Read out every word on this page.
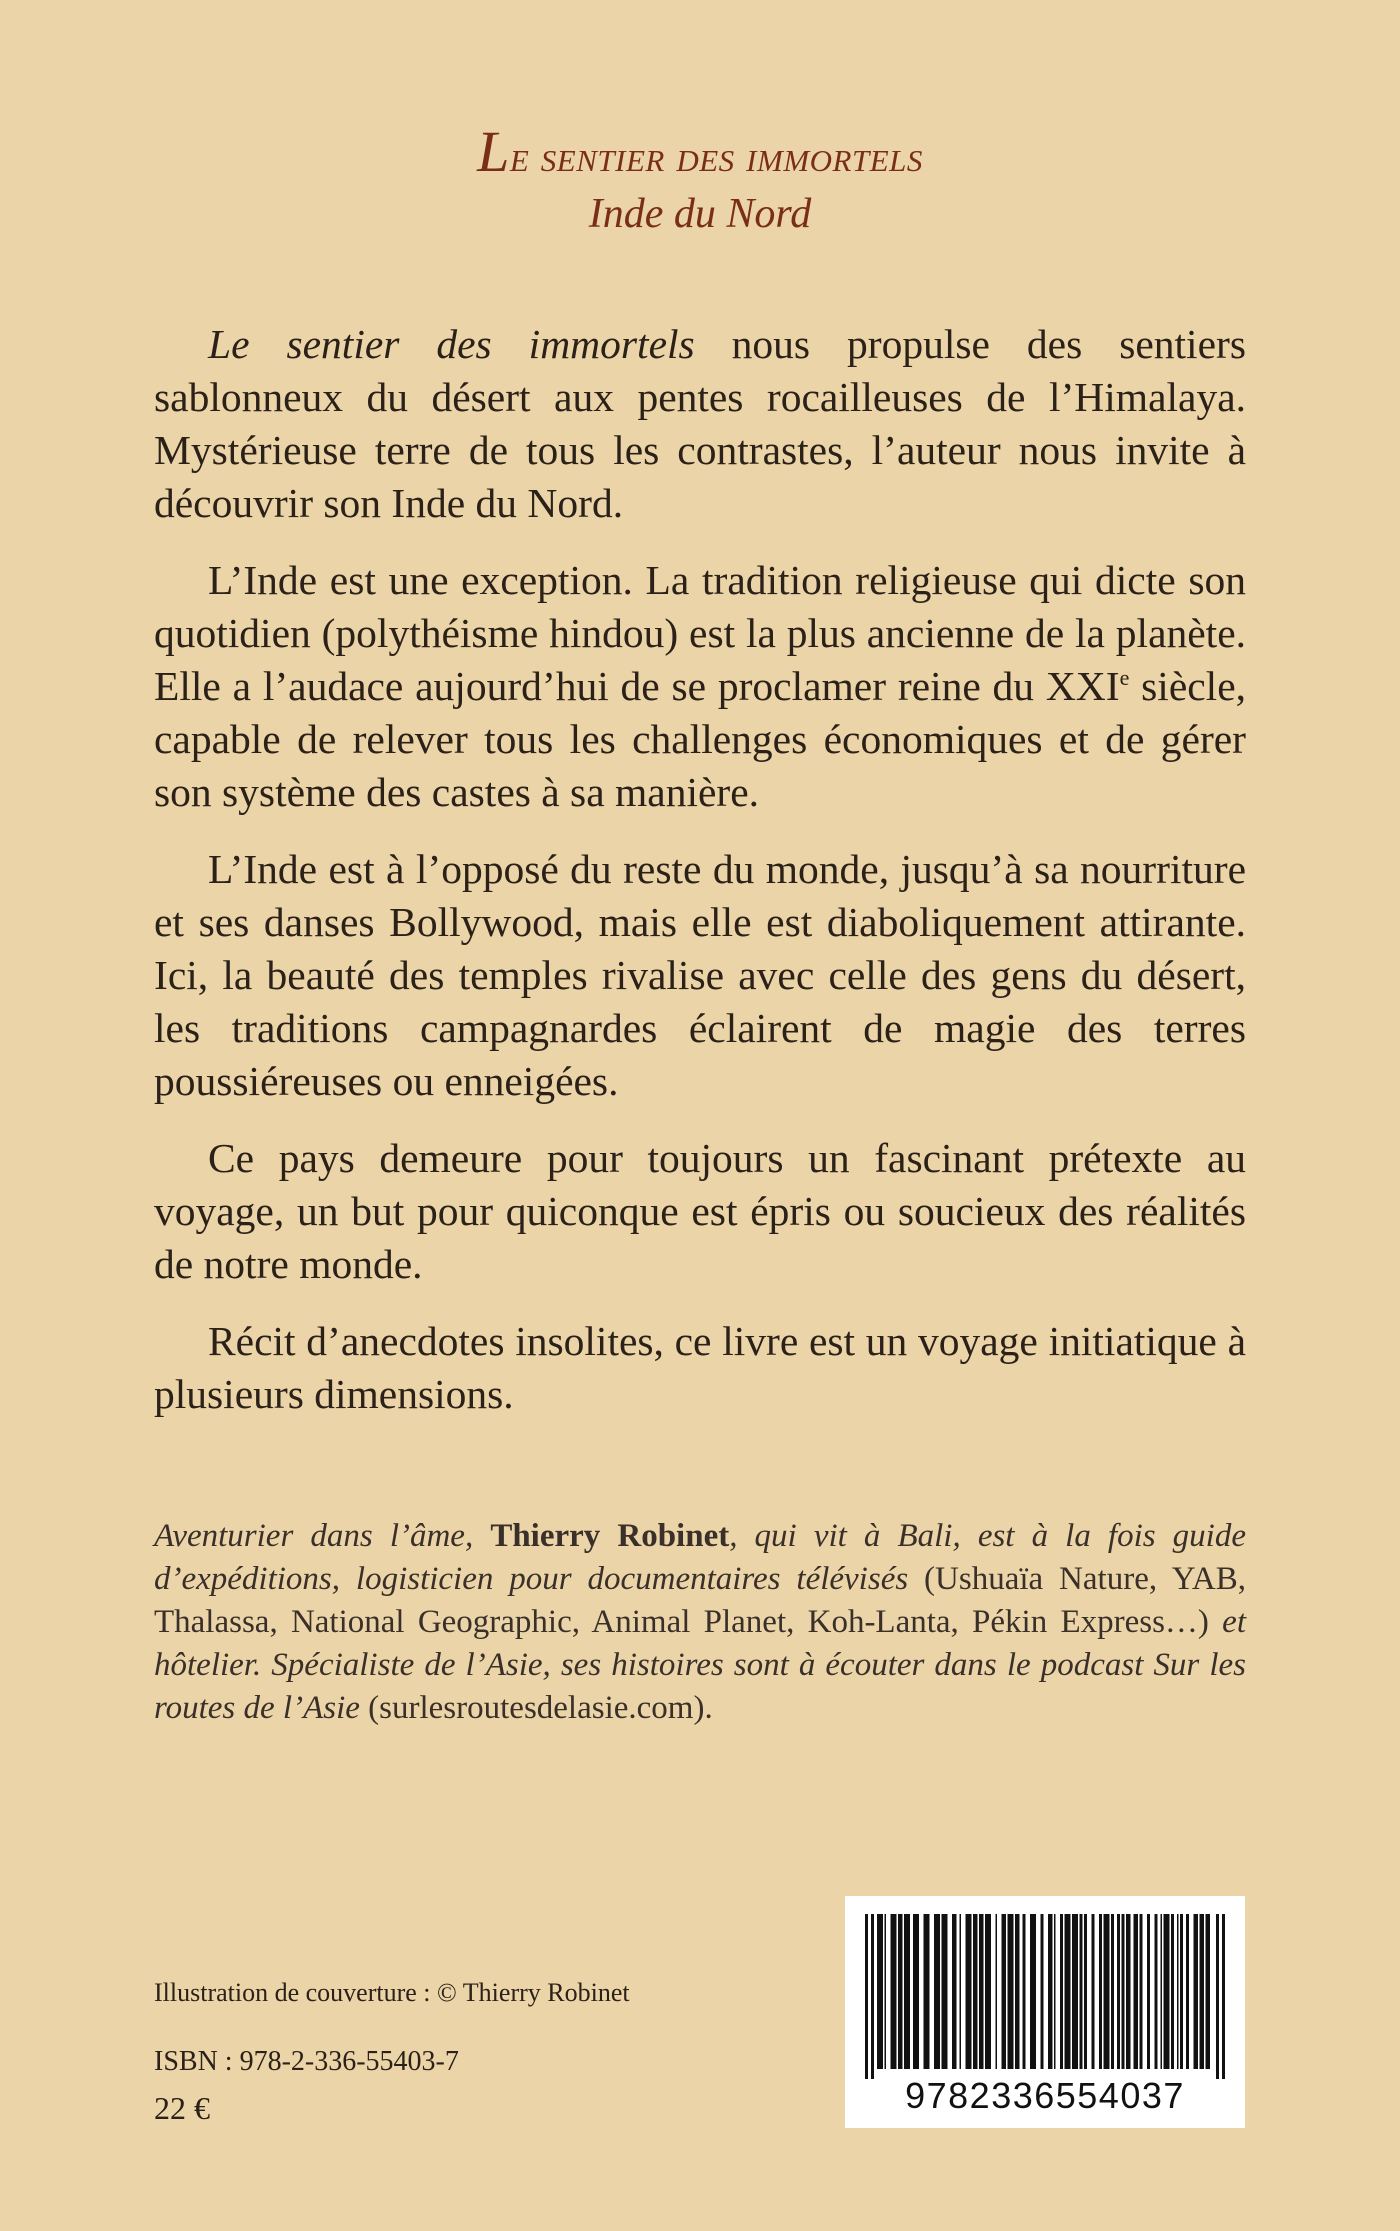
Le sentier des immortels
Inde du Nord

Le sentier des immortels nous propulse des sentiers sablonneux du désert aux pentes rocailleuses de l’Himalaya. Mystérieuse terre de tous les contrastes, l’auteur nous invite à découvrir son Inde du Nord.

L’Inde est une exception. La tradition religieuse qui dicte son quotidien (polythéisme hindou) est la plus ancienne de la planète. Elle a l’audace aujourd’hui de se proclamer reine du XXIe siècle, capable de relever tous les challenges économiques et de gérer son système des castes à sa manière.

L’Inde est à l’opposé du reste du monde, jusqu’à sa nourriture et ses danses Bollywood, mais elle est diaboliquement attirante. Ici, la beauté des temples rivalise avec celle des gens du désert, les traditions campagnardes éclairent de magie des terres poussiéreuses ou enneigées.

Ce pays demeure pour toujours un fascinant prétexte au voyage, un but pour quiconque est épris ou soucieux des réalités de notre monde.

Récit d’anecdotes insolites, ce livre est un voyage initiatique à plusieurs dimensions.

Aventurier dans l’âme, Thierry Robinet, qui vit à Bali, est à la fois guide d’expéditions, logisticien pour documentaires télévisés (Ushuaïa Nature, YAB, Thalassa, National Geographic, Animal Planet, Koh-Lanta, Pékin Express…) et hôtelier. Spécialiste de l’Asie, ses histoires sont à écouter dans le podcast Sur les routes de l’Asie (surlesroutesdelasie.com).
Illustration de couverture : © Thierry Robinet
ISBN : 978-2-336-55403-7
22 €	9782336554037
